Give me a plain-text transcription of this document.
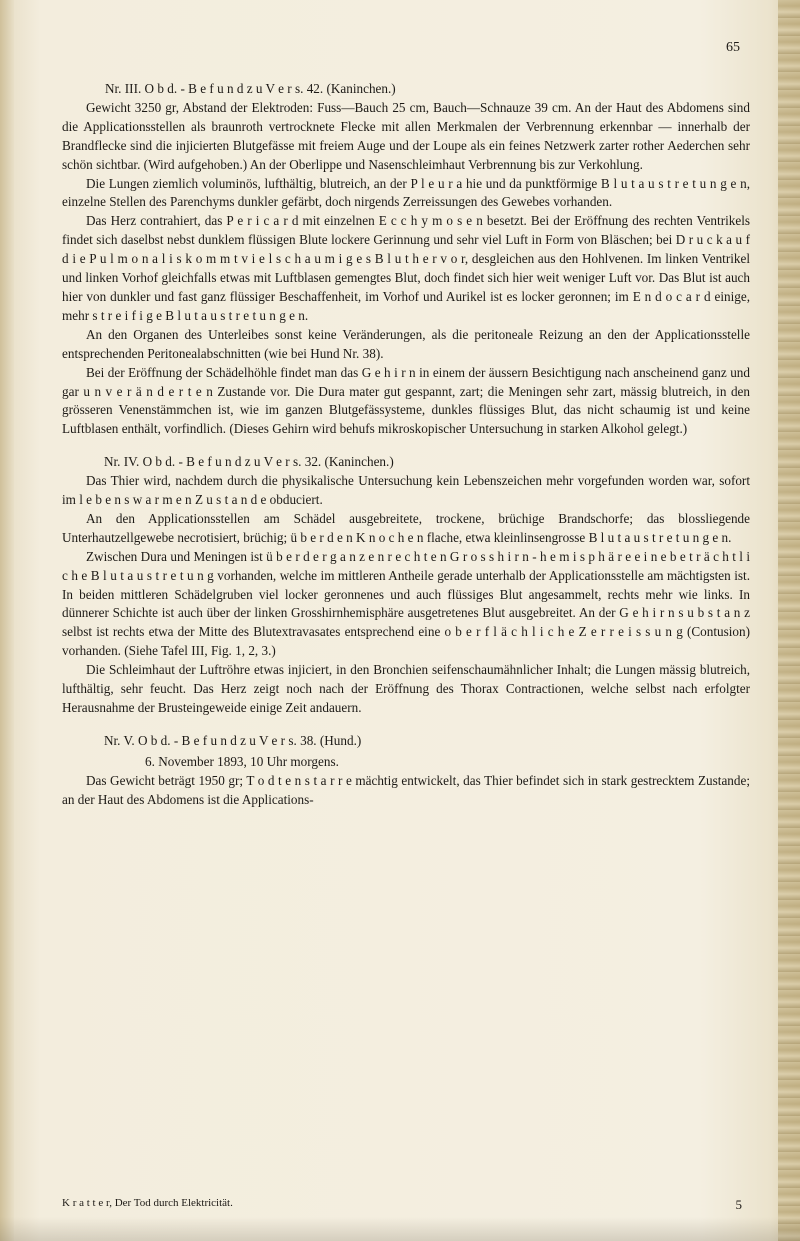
65
Nr. III. O b d. - B e f u n d z u V e r s. 42. (Kaninchen.)

Gewicht 3250 gr, Abstand der Elektroden: Fuss—Bauch 25 cm, Bauch—Schnauze 39 cm. An der Haut des Abdomens sind die Applicationsstellen als braunroth vertrocknete Flecke mit allen Merkmalen der Verbrennung erkennbar — innerhalb der Brandflecke sind die injicierten Blutgefässe mit freiem Auge und der Loupe als ein feines Netzwerk zarter rother Aederchen sehr schön sichtbar. (Wird aufgehoben.) An der Oberlippe und Nasenschleimhaut Verbrennung bis zur Verkohlung.

Die Lungen ziemlich voluminös, lufthältig, blutreich, an der P l e u r a hie und da punktförmige B l u t a u s t r e t u n g e n, einzelne Stellen des Parenchyms dunkler gefärbt, doch nirgends Zerreissungen des Gewebes vorhanden.

Das Herz contrahiert, das P e r i c a r d mit einzelnen E c c h y m o s e n besetzt. Bei der Eröffnung des rechten Ventrikels findet sich daselbst nebst dunklem flüssigen Blute lockere Gerinnung und sehr viel Luft in Form von Bläschen; bei D r u c k a u f d i e P u l m o n a l i s k o m m t v i e l s c h a u m i g e s B l u t h e r v o r, desgleichen aus den Hohlvenen. Im linken Ventrikel und linken Vorhof gleichfalls etwas mit Luftblasen gemengtes Blut, doch findet sich hier weit weniger Luft vor. Das Blut ist auch hier von dunkler und fast ganz flüssiger Beschaffenheit, im Vorhof und Aurikel ist es locker geronnen; im E n d o c a r d einige, mehr s t r e i f i g e B l u t a u s t r e t u n g e n.

An den Organen des Unterleibes sonst keine Veränderungen, als die peritoneale Reizung an den der Applicationsstelle entsprechenden Peritonealabschnitten (wie bei Hund Nr. 38).

Bei der Eröffnung der Schädelhöhle findet man das G e h i r n in einem der äussern Besichtigung nach anscheinend ganz und gar u n v e r ä n d e r t e n Zustande vor. Die Dura mater gut gespannt, zart; die Meningen sehr zart, mässig blutreich, in den grösseren Venenstämmchen ist, wie im ganzen Blutgefässysteme, dunkles flüssiges Blut, das nicht schaumig ist und keine Luftblasen enthält, vorfindlich. (Dieses Gehirn wird behufs mikroskopischer Untersuchung in starken Alkohol gelegt.)

Nr. IV. O b d. - B e f u n d z u V e r s. 32. (Kaninchen.)

Das Thier wird, nachdem durch die physikalische Untersuchung kein Lebenszeichen mehr vorgefunden worden war, sofort im l e b e n s w a r m e n Z u s t a n d e obduciert.

An den Applicationsstellen am Schädel ausgebreitete, trockene, brüchige Brandschorfe; das blossliegende Unterhautzellgewebe necrotisiert, brüchig; ü b e r d e n K n o c h e n flache, etwa kleinlinsengrosse B l u t a u s t r e t u n g e n.

Zwischen Dura und Meningen ist ü b e r d e r g a n z e n r e c h t e n G r o s s h i r n - h e m i s p h ä r e e i n e b e t r ä c h t l i c h e B l u t a u s t r e t u n g vorhanden, welche im mittleren Antheile gerade unterhalb der Applicationsstelle am mächtigsten ist. In beiden mittleren Schädelgruben viel locker geronnenes und auch flüssiges Blut angesammelt, rechts mehr wie links. In dünnerer Schichte ist auch über der linken Grosshirnhemisphäre ausgetretenes Blut ausgebreitet. An der G e h i r n s u b s t a n z selbst ist rechts etwa der Mitte des Blutextravasates entsprechend eine o b e r f l ä c h l i c h e Z e r r e i s s u n g (Contusion) vorhanden. (Siehe Tafel III, Fig. 1, 2, 3.)

Die Schleimhaut der Luftröhre etwas injiciert, in den Bronchien seifenschaumähnlicher Inhalt; die Lungen mässig blutreich, lufthältig, sehr feucht. Das Herz zeigt noch nach der Eröffnung des Thorax Contractionen, welche selbst nach erfolgter Herausnahme der Brusteingeweide einige Zeit andauern.

Nr. V. O b d. - B e f u n d z u V e r s. 38. (Hund.)
6. November 1893, 10 Uhr morgens.

Das Gewicht beträgt 1950 gr; T o d t e n s t a r r e mächtig entwickelt, das Thier befindet sich in stark gestrecktem Zustande; an der Haut des Abdomens ist die Applications-

K r a t t e r, Der Tod durch Elektricität.	5
